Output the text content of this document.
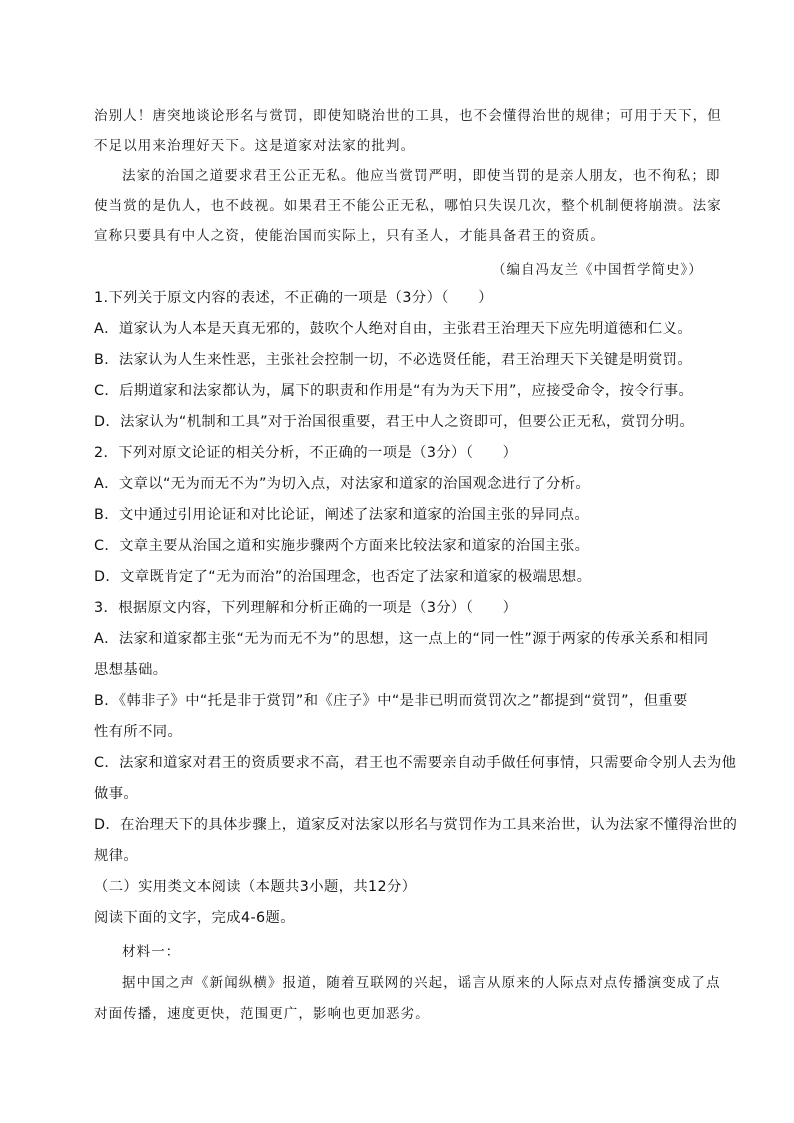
治别人！唐突地谈论形名与赏罚，即使知晓治世的工具，也不会懂得治世的规律；可用于天下，但
不足以用来治理好天下。这是道家对法家的批判。
法家的治国之道要求君王公正无私。他应当赏罚严明，即使当罚的是亲人朋友，也不徇私；即
使当赏的是仇人，也不歧视。如果君王不能公正无私，哪怕只失误几次，整个机制便将崩溃。法家
宣称只要具有中人之资，使能治国而实际上，只有圣人，才能具备君王的资质。
（编自冯友兰《中国哲学简史》）
1.下列关于原文内容的表述，不正确的一项是（3分）（　　）
A．道家认为人本是天真无邪的，鼓吹个人绝对自由，主张君王治理天下应先明道德和仁义。
B．法家认为人生来性恶，主张社会控制一切，不必选贤任能，君王治理天下关键是明赏罚。
C．后期道家和法家都认为，属下的职责和作用是“有为为天下用”，应接受命令，按令行事。
D．法家认为“机制和工具”对于治国很重要，君王中人之资即可，但要公正无私，赏罚分明。
2．下列对原文论证的相关分析，不正确的一项是（3分）（　　）
A．文章以“无为而无不为”为切入点，对法家和道家的治国观念进行了分析。
B．文中通过引用论证和对比论证，阐述了法家和道家的治国主张的异同点。
C．文章主要从治国之道和实施步骤两个方面来比较法家和道家的治国主张。
D．文章既肯定了“无为而治”的治国理念，也否定了法家和道家的极端思想。
3．根据原文内容，下列理解和分析正确的一项是（3分）（　　）
A．法家和道家都主张“无为而无不为”的思想，这一点上的“同一性”源于两家的传承关系和相同
思想基础。
B．《韩非子》中“托是非于赏罚”和《庄子》中“是非已明而赏罚次之”都提到“赏罚”，但重要
性有所不同。
C．法家和道家对君王的资质要求不高，君王也不需要亲自动手做任何事情，只需要命令别人去为他
做事。
D．在治理天下的具体步骤上，道家反对法家以形名与赏罚作为工具来治世，认为法家不懂得治世的
规律。
（二）实用类文本阅读（本题共3小题，共12分）
阅读下面的文字，完成4-6题。
材料一：
据中国之声《新闻纵横》报道，随着互联网的兴起，谣言从原来的人际点对点传播演变成了点
对面传播，速度更快，范围更广，影响也更加恶劣。
